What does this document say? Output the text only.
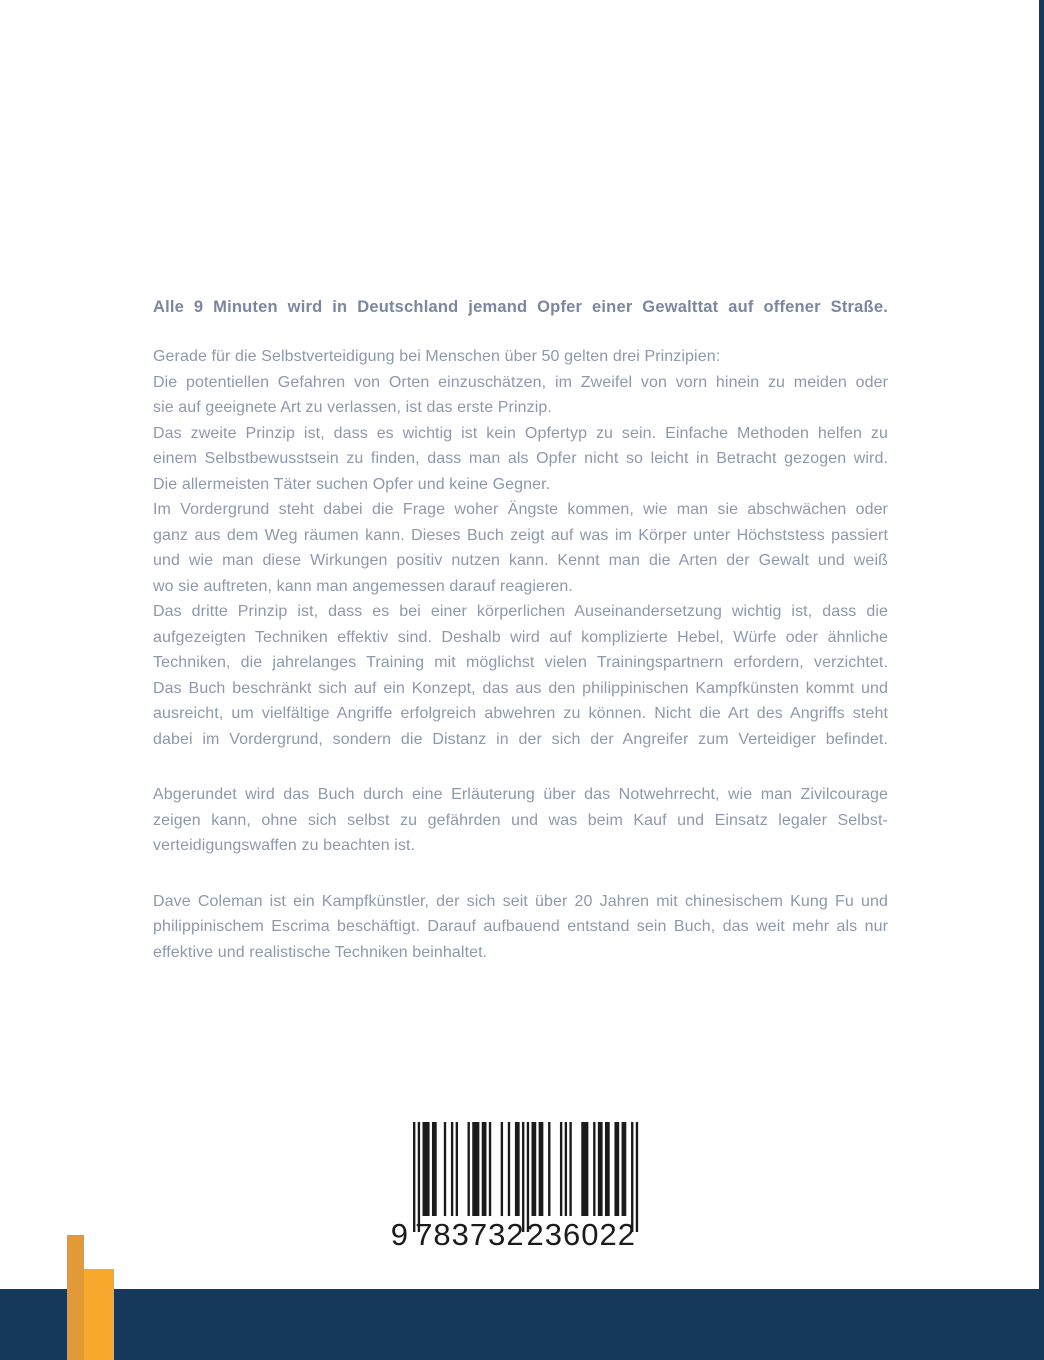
Alle 9 Minuten wird in Deutschland jemand Opfer einer Gewalttat auf offener Straße.
Gerade für die Selbstverteidigung bei Menschen über 50 gelten drei Prinzipien:
Die potentiellen Gefahren von Orten einzuschätzen, im Zweifel von vorn hinein zu meiden oder
sie auf geeignete Art zu verlassen, ist das erste Prinzip.
Das zweite Prinzip ist, dass es wichtig ist kein Opfertyp zu sein. Einfache Methoden helfen zu
einem Selbstbewusstsein zu finden, dass man als Opfer nicht so leicht in Betracht gezogen wird.
Die allermeisten Täter suchen Opfer und keine Gegner.
Im Vordergrund steht dabei die Frage woher Ängste kommen, wie man sie abschwächen oder
ganz aus dem Weg räumen kann. Dieses Buch zeigt auf was im Körper unter Höchststess passiert
und wie man diese Wirkungen positiv nutzen kann. Kennt man die Arten der Gewalt und weiß
wo sie auftreten, kann man angemessen darauf reagieren.
Das dritte Prinzip ist, dass es bei einer körperlichen Auseinandersetzung wichtig ist, dass die
aufgezeigten Techniken effektiv sind. Deshalb wird auf komplizierte Hebel, Würfe oder ähnliche
Techniken, die jahrelanges Training mit möglichst vielen Trainingspartnern erfordern, verzichtet.
Das Buch beschränkt sich auf ein Konzept, das aus den philippinischen Kampfkünsten kommt und
ausreicht, um vielfältige Angriffe erfolgreich abwehren zu können. Nicht die Art des Angriffs steht
dabei im Vordergrund, sondern die Distanz in der sich der Angreifer zum Verteidiger befindet.
Abgerundet wird das Buch durch eine Erläuterung über das Notwehrrecht, wie man Zivilcourage
zeigen kann, ohne sich selbst zu gefährden und was beim Kauf und Einsatz legaler Selbst-
verteidigungswaffen zu beachten ist.
Dave Coleman ist ein Kampfkünstler, der sich seit über 20 Jahren mit chinesischem Kung Fu und
philippinischem Escrima beschäftigt. Darauf aufbauend entstand sein Buch, das weit mehr als nur
effektive und realistische Techniken beinhaltet.
9 783732 236022
